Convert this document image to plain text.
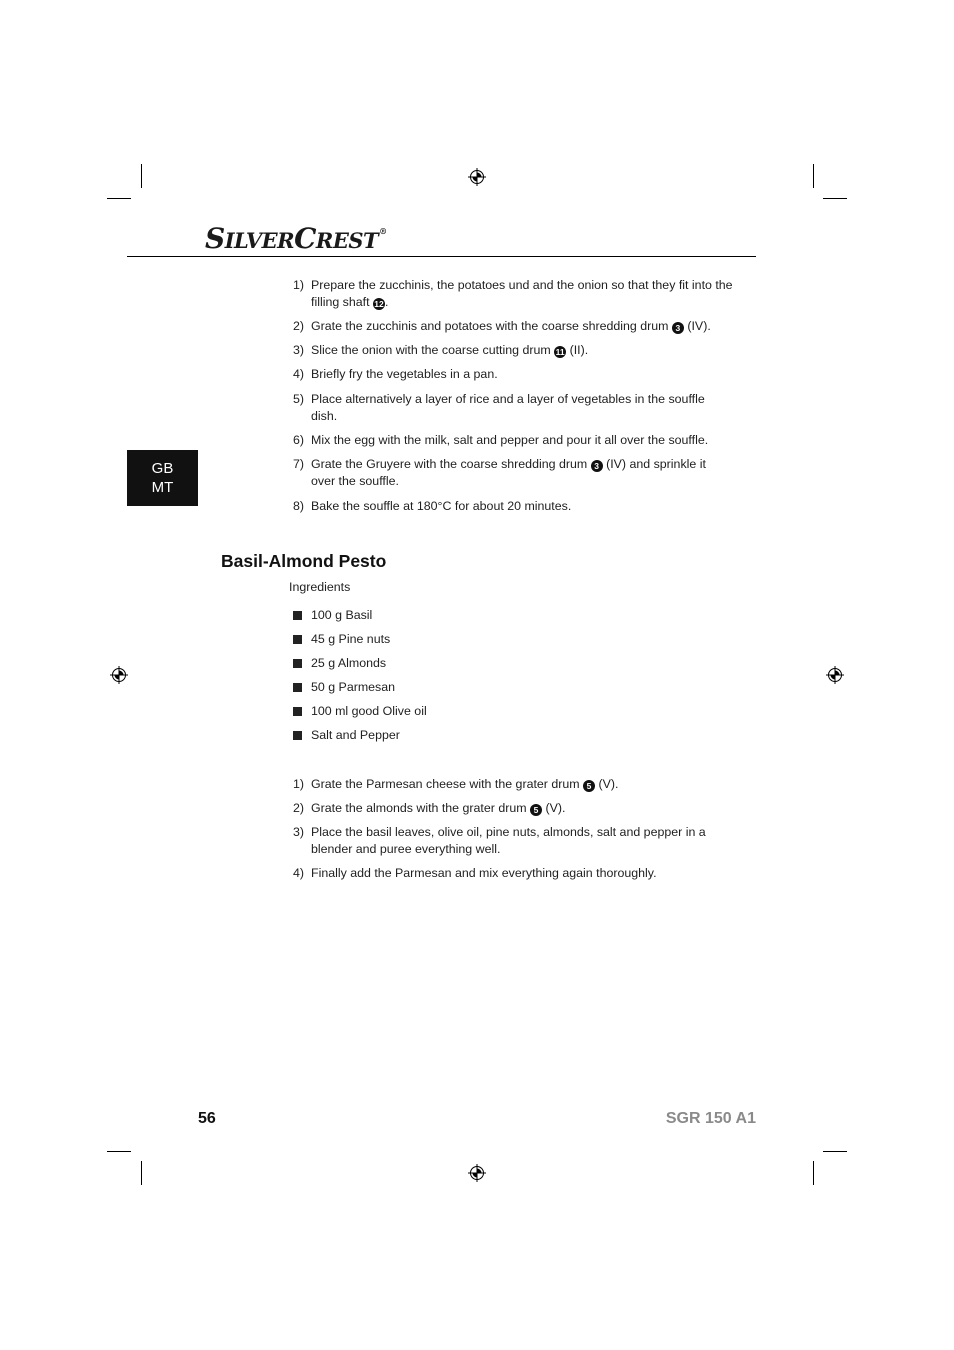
SILVERCREST®
GB
MT
1) Prepare the zucchinis, the potatoes und and the onion so that they fit into the filling shaft 12.
2) Grate the zucchinis and potatoes with the coarse shredding drum 3 (IV).
3) Slice the onion with the coarse cutting drum 11 (II).
4) Briefly fry the vegetables in a pan.
5) Place alternatively a layer of rice and a layer of vegetables in the souffle dish.
6) Mix the egg with the milk, salt and pepper and pour it all over the souffle.
7) Grate the Gruyere with the coarse shredding drum 3 (IV) and sprinkle it over the souffle.
8) Bake the souffle at 180°C for about 20 minutes.
Basil-Almond Pesto
Ingredients
100 g Basil
45 g Pine nuts
25 g Almonds
50 g Parmesan
100 ml good Olive oil
Salt and Pepper
1) Grate the Parmesan cheese with the grater drum 5 (V).
2) Grate the almonds with the grater drum 5 (V).
3) Place the basil leaves, olive oil, pine nuts, almonds, salt and pepper in a blender and puree everything well.
4) Finally add the Parmesan and mix everything again thoroughly.
56	SGR 150 A1
